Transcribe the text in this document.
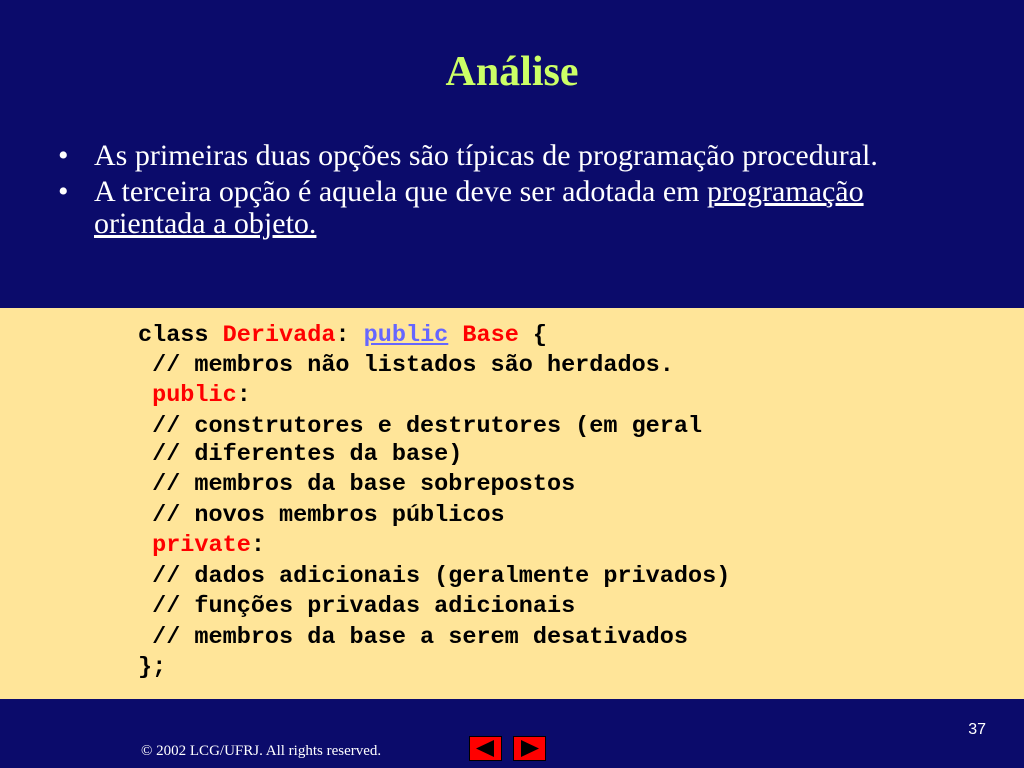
Análise
• As primeiras duas opções são típicas de programação procedural.
• A terceira opção é aquela que deve ser adotada em programação orientada a objeto.
class Derivada: public Base {
// membros não listados são herdados.
public:
// construtores e destrutores (em geral
// diferentes da base)
// membros da base sobrepostos
// novos membros públicos
private:
// dados adicionais (geralmente privados)
// funções privadas adicionais
// membros da base a serem desativados
};
37
© 2002 LCG/UFRJ. All rights reserved.
